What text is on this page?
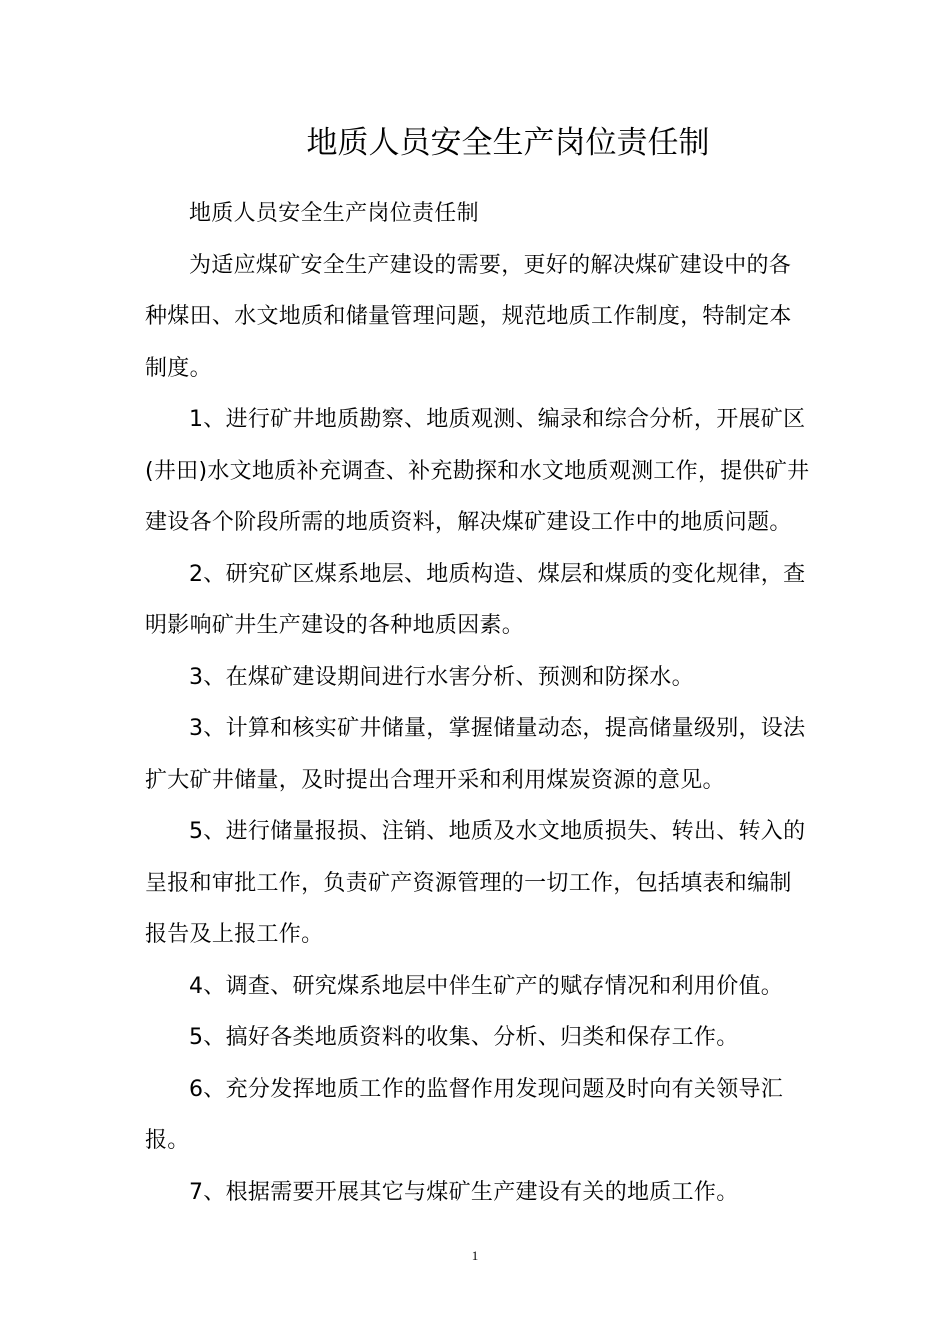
地质人员安全生产岗位责任制

地质人员安全生产岗位责任制

为适应煤矿安全生产建设的需要，更好的解决煤矿建设中的各种煤田、水文地质和储量管理问题，规范地质工作制度，特制定本制度。

1、进行矿井地质勘察、地质观测、编录和综合分析，开展矿区(井田)水文地质补充调查、补充勘探和水文地质观测工作，提供矿井建设各个阶段所需的地质资料，解决煤矿建设工作中的地质问题。

2、研究矿区煤系地层、地质构造、煤层和煤质的变化规律，查明影响矿井生产建设的各种地质因素。

3、在煤矿建设期间进行水害分析、预测和防探水。

3、计算和核实矿井储量，掌握储量动态，提高储量级别，设法扩大矿井储量，及时提出合理开采和利用煤炭资源的意见。

5、进行储量报损、注销、地质及水文地质损失、转出、转入的呈报和审批工作，负责矿产资源管理的一切工作，包括填表和编制报告及上报工作。

4、调查、研究煤系地层中伴生矿产的赋存情况和利用价值。

5、搞好各类地质资料的收集、分析、归类和保存工作。

6、充分发挥地质工作的监督作用发现问题及时向有关领导汇报。

7、根据需要开展其它与煤矿生产建设有关的地质工作。

1
